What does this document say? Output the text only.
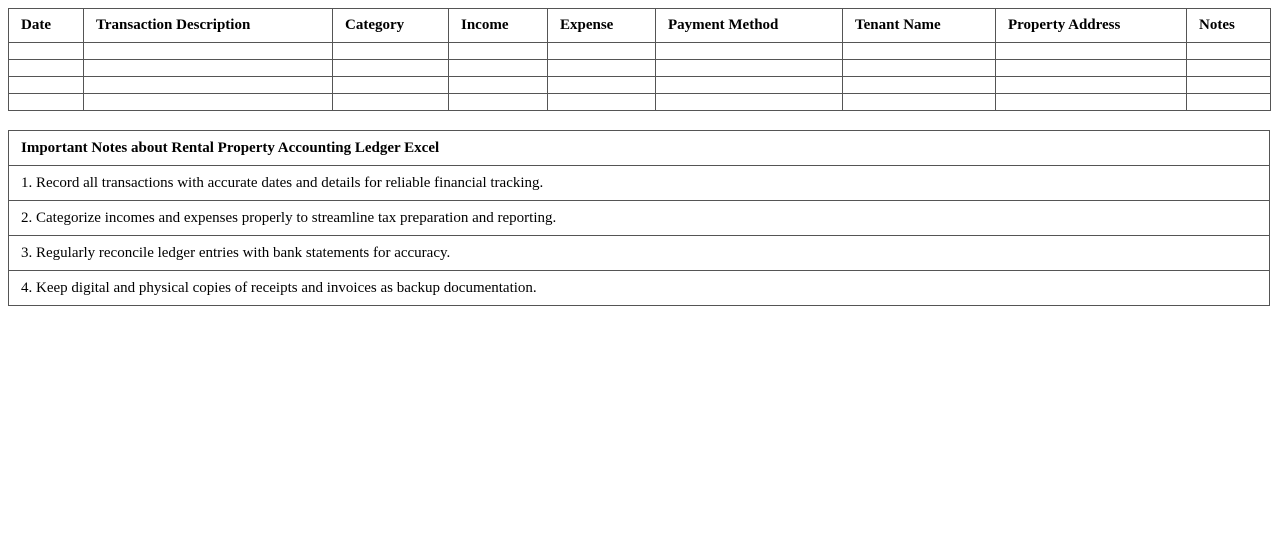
Date	Transaction Description	Category	Income	Expense	Payment Method	Tenant Name	Property Address	Notes

Important Notes about Rental Property Accounting Ledger Excel
1. Record all transactions with accurate dates and details for reliable financial tracking.
2. Categorize incomes and expenses properly to streamline tax preparation and reporting.
3. Regularly reconcile ledger entries with bank statements for accuracy.
4. Keep digital and physical copies of receipts and invoices as backup documentation.
